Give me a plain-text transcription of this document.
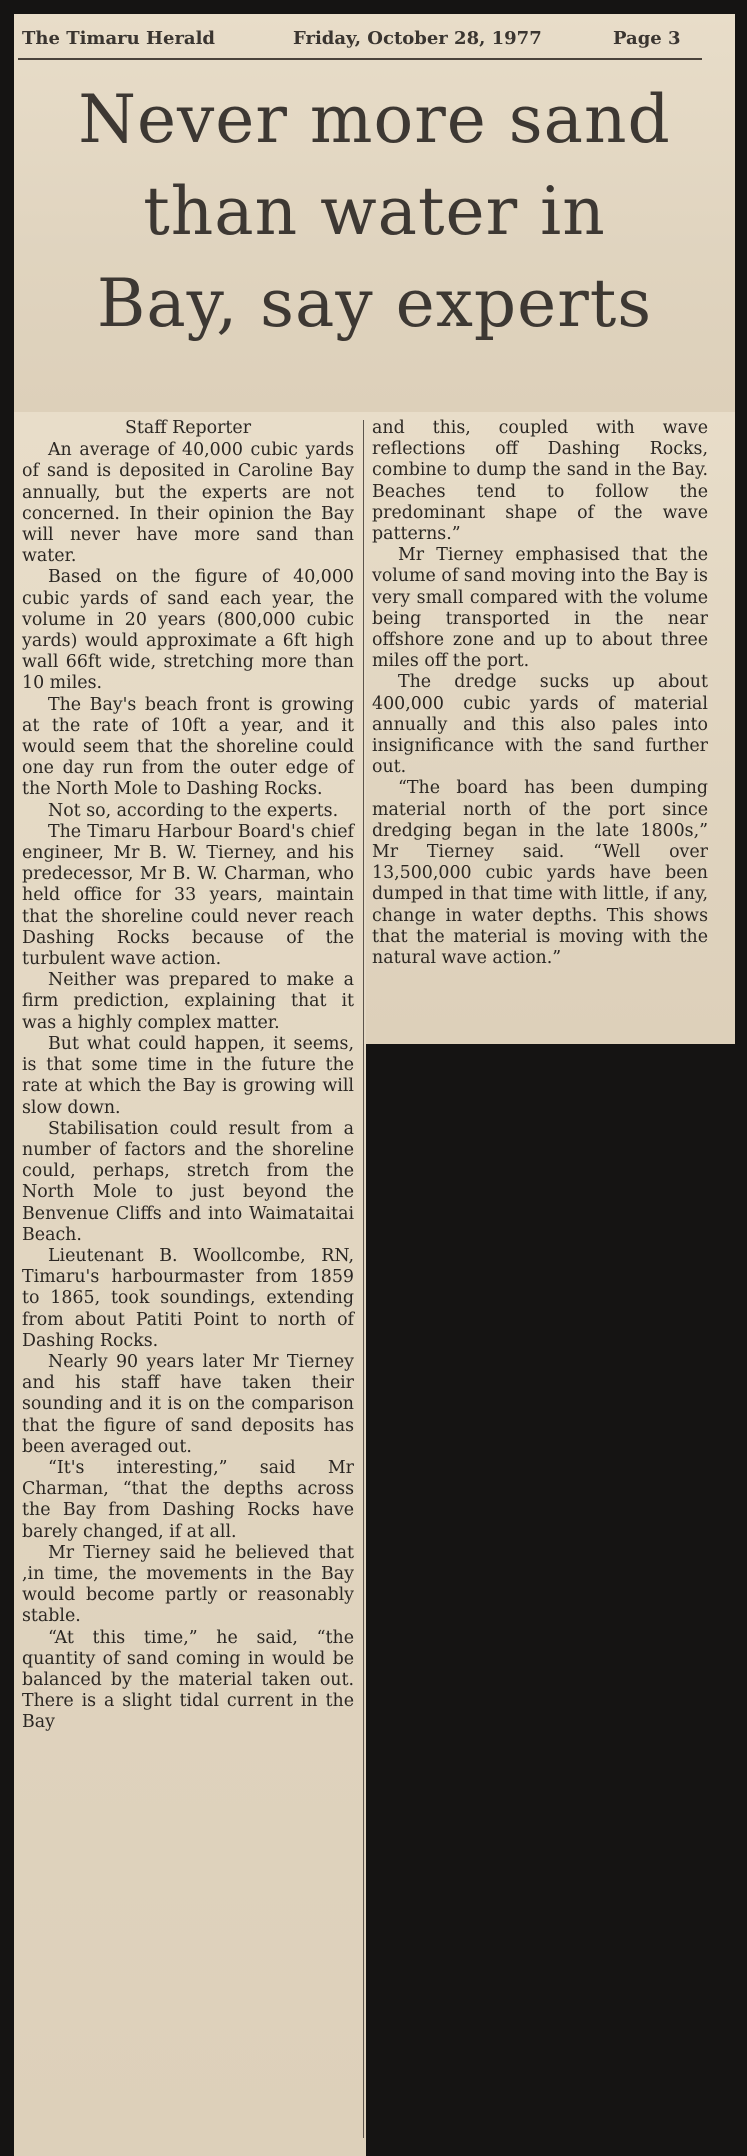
The Timaru Herald	Friday, October 28, 1977	Page 3
Never more sand
than water in
Bay, say experts

Staff Reporter

An average of 40,000 cubic yards of sand is deposited in Caroline Bay annually, but the experts are not concerned. In their opinion the Bay will never have more sand than water.

Based on the figure of 40,000 cubic yards of sand each year, the volume in 20 years (800,000 cubic yards) would approximate a 6ft high wall 66ft wide, stretching more than 10 miles.

The Bay's beach front is growing at the rate of 10ft a year, and it would seem that the shoreline could one day run from the outer edge of the North Mole to Dashing Rocks.

Not so, according to the experts.

The Timaru Harbour Board's chief engineer, Mr B. W. Tierney, and his predecessor, Mr B. W. Charman, who held office for 33 years, maintain that the shoreline could never reach Dashing Rocks because of the turbulent wave action.

Neither was prepared to make a firm prediction, explaining that it was a highly complex matter.

But what could happen, it seems, is that some time in the future the rate at which the Bay is growing will slow down.

Stabilisation could result from a number of factors and the shoreline could, perhaps, stretch from the North Mole to just beyond the Benvenue Cliffs and into Waimataitai Beach.

Lieutenant B. Woollcombe, RN, Timaru's harbourmaster from 1859 to 1865, took soundings, extending from about Patiti Point to north of Dashing Rocks.

Nearly 90 years later Mr Tierney and his staff have taken their sounding and it is on the comparison that the figure of sand deposits has been averaged out.

“It's interesting,” said Mr Charman, “that the depths across the Bay from Dashing Rocks have barely changed, if at all.

Mr Tierney said he believed that ,in time, the movements in the Bay would become partly or reasonably stable.

“At this time,” he said, “the quantity of sand coming in would be balanced by the material taken out. There is a slight tidal current in the Bay

and this, coupled with wave reflections off Dashing Rocks, combine to dump the sand in the Bay. Beaches tend to follow the predominant shape of the wave patterns.”

Mr Tierney emphasised that the volume of sand moving into the Bay is very small compared with the volume being transported in the near offshore zone and up to about three miles off the port.

The dredge sucks up about 400,000 cubic yards of material annually and this also pales into insignificance with the sand further out.

“The board has been dumping material north of the port since dredging began in the late 1800s,” Mr Tierney said. “Well over 13,500,000 cubic yards have been dumped in that time with little, if any, change in water depths. This shows that the material is moving with the natural wave action.”
